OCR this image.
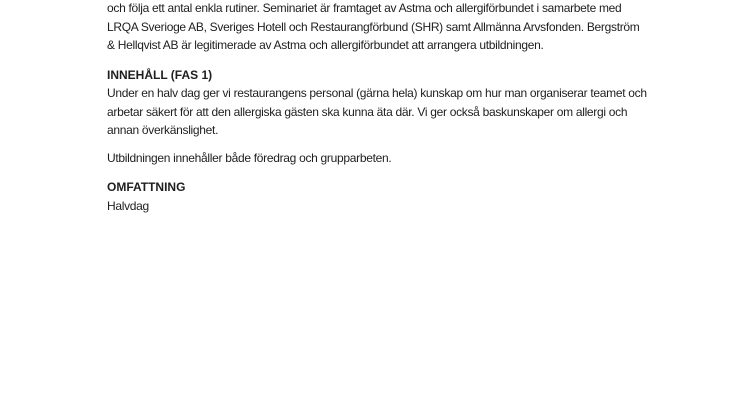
och följa ett antal enkla rutiner. Seminariet är framtaget av Astma och allergiförbundet i samarbete med LRQA Sverioge AB, Sveriges Hotell och Restaurangförbund (SHR) samt Allmänna Arvsfonden. Bergström & Hellqvist AB är legitimerade av Astma och allergiförbundet att arrangera utbildningen.

INNEHÅLL (FAS 1)

Under en halv dag ger vi restaurangens personal (gärna hela) kunskap om hur man organiserar teamet och arbetar säkert för att den allergiska gästen ska kunna äta där. Vi ger också baskunskaper om allergi och annan överkänslighet.

Utbildningen innehåller både föredrag och grupparbeten.

OMFATTNING

Halvdag
